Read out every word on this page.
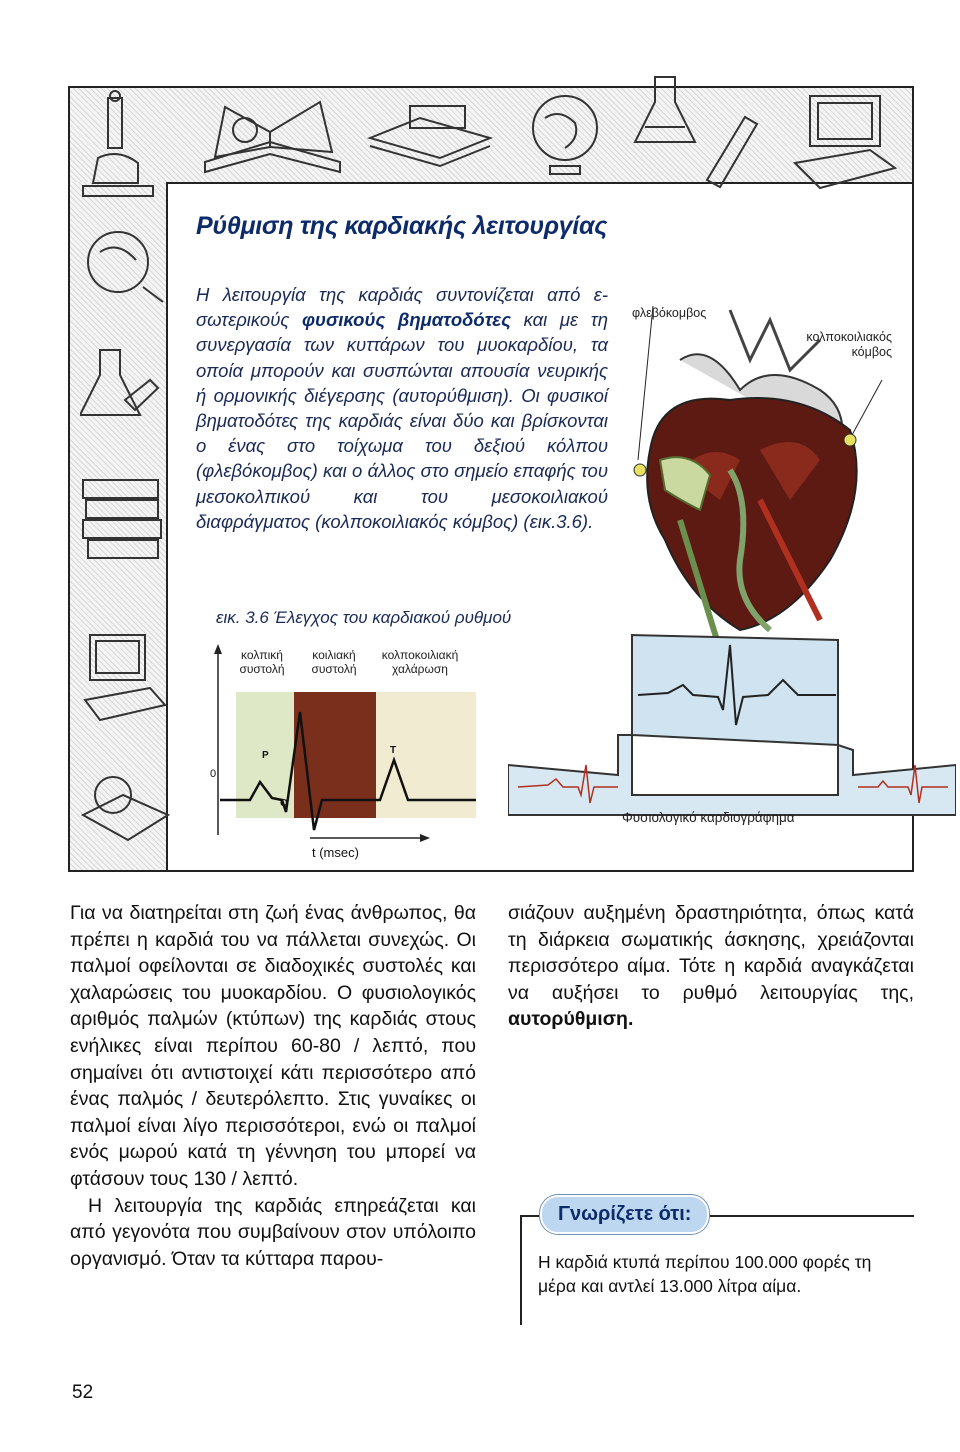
Ρύθμιση της καρδιακής λειτουργίας
Η λειτουργία της καρδιάς συντονίζεται από ε-σωτερικούς φυσικούς βηματοδότες και με τη συνεργασία των κυττάρων του μυοκαρδίου, τα οποία μπορούν και συσπώνται απουσία νευρικής ή ορμονικής διέγερσης (αυτορύθμιση). Οι φυσικοί βηματοδότες της καρδιάς είναι δύο και βρίσκονται ο ένας στο τοίχωμα του δεξιού κόλπου (φλεβόκομβος) και ο άλλος στο σημείο επαφής του μεσοκολπικού και του μεσοκοιλιακού διαφράγματος (κολποκοιλιακός κόμβος) (εικ.3.6).
φλεβόκομβος
κολποκοιλιακός
κόμβος
Φυσιολογικό καρδιογράφημα
εικ. 3.6 Έλεγχος του καρδιακού ρυθμού
κολπική
συστολή
κοιλιακή
συστολή
κολποκοιλιακή
χαλάρωση
P
Q
T
0
t (msec)
Για να διατηρείται στη ζωή ένας άνθρωπος, θα πρέπει η καρδιά του να πάλλεται συνεχώς. Οι παλμοί οφείλονται σε διαδοχικές συστολές και χαλαρώσεις του μυοκαρδίου. Ο φυσιολογικός αριθμός παλμών (κτύπων) της καρδιάς στους ενήλικες είναι περίπου 60-80 / λεπτό, που σημαίνει ότι αντιστοιχεί κάτι περισσότερο από ένας παλμός / δευτερόλεπτο. Στις γυναίκες οι παλμοί είναι λίγο περισσότεροι, ενώ οι παλμοί ενός μωρού κατά τη γέννηση του μπορεί να φτάσουν τους 130 / λεπτό.
Η λειτουργία της καρδιάς επηρεάζεται και από γεγονότα που συμβαίνουν στον υπόλοιπο οργανισμό. Όταν τα κύτταρα παρου-
σιάζουν αυξημένη δραστηριότητα, όπως κατά τη διάρκεια σωματικής άσκησης, χρειάζονται περισσότερο αίμα. Τότε η καρδιά αναγκάζεται να αυξήσει το ρυθμό λειτουργίας της, αυτορύθμιση.
Γνωρίζετε ότι:
Η καρδιά κτυπά περίπου 100.000 φορές τη μέρα και αντλεί 13.000 λίτρα αίμα.
52
